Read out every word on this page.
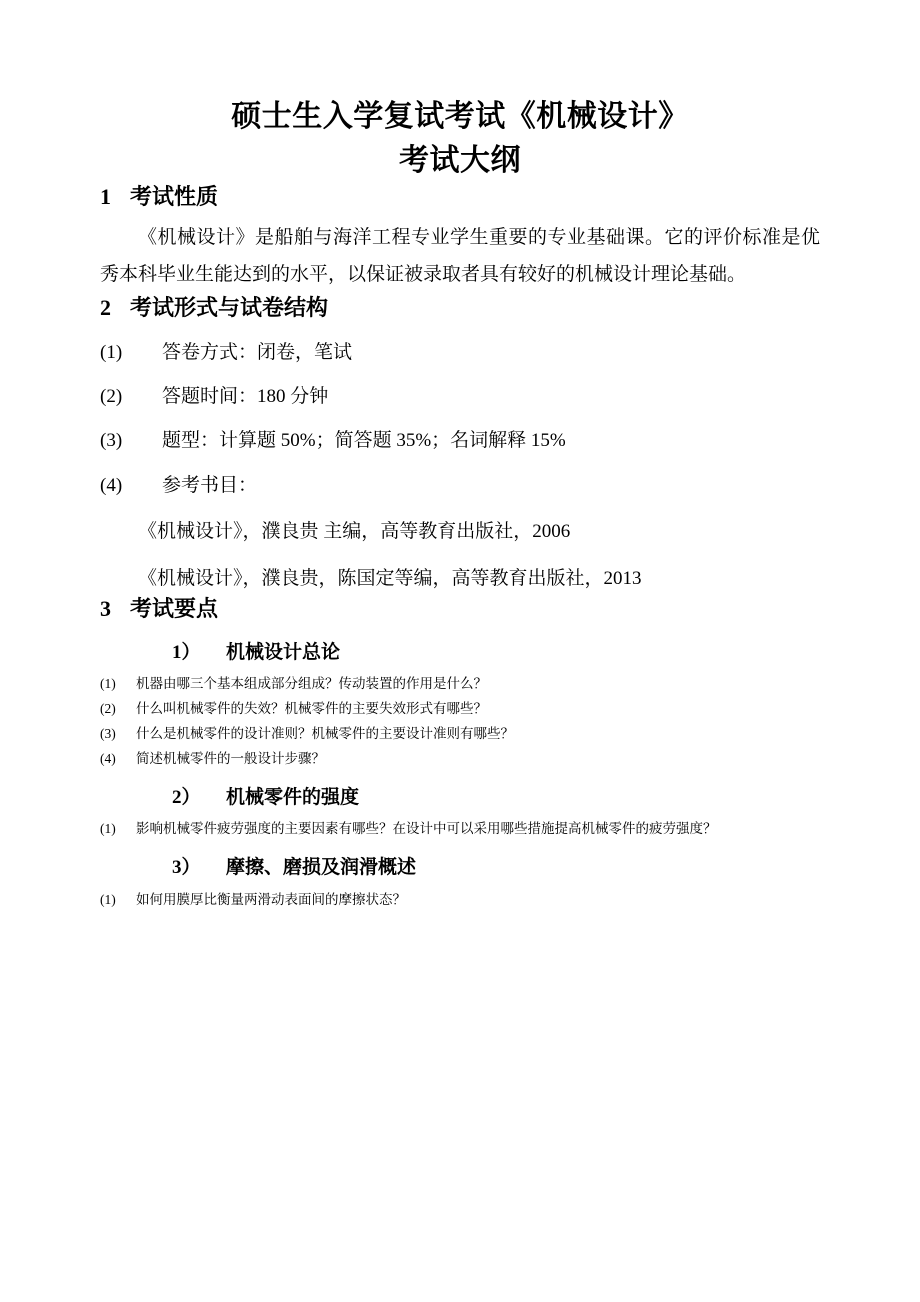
硕士生入学复试考试《机械设计》
考试大纲
1 考试性质

《机械设计》是船舶与海洋工程专业学生重要的专业基础课。它的评价标准是优秀本科毕业生能达到的水平，以保证被录取者具有较好的机械设计理论基础。

2 考试形式与试卷结构
(1)	答卷方式：闭卷，笔试
(2)	答题时间：180 分钟
(3)	题型：计算题 50%；简答题 35%；名词解释 15%
(4)	参考书目：
《机械设计》，濮良贵 主编，高等教育出版社，2006
《机械设计》，濮良贵，陈国定等编，高等教育出版社，2013
3 考试要点
1） 机械设计总论
(1)	机器由哪三个基本组成部分组成？传动装置的作用是什么？
(2)	什么叫机械零件的失效？机械零件的主要失效形式有哪些？
(3)	什么是机械零件的设计准则？机械零件的主要设计准则有哪些？
(4)	简述机械零件的一般设计步骤？
2） 机械零件的强度
(1)	影响机械零件疲劳强度的主要因素有哪些？在设计中可以采用哪些措施提高机械零件的疲劳强度？
3） 摩擦、磨损及润滑概述
(1)	如何用膜厚比衡量两滑动表面间的摩擦状态？
